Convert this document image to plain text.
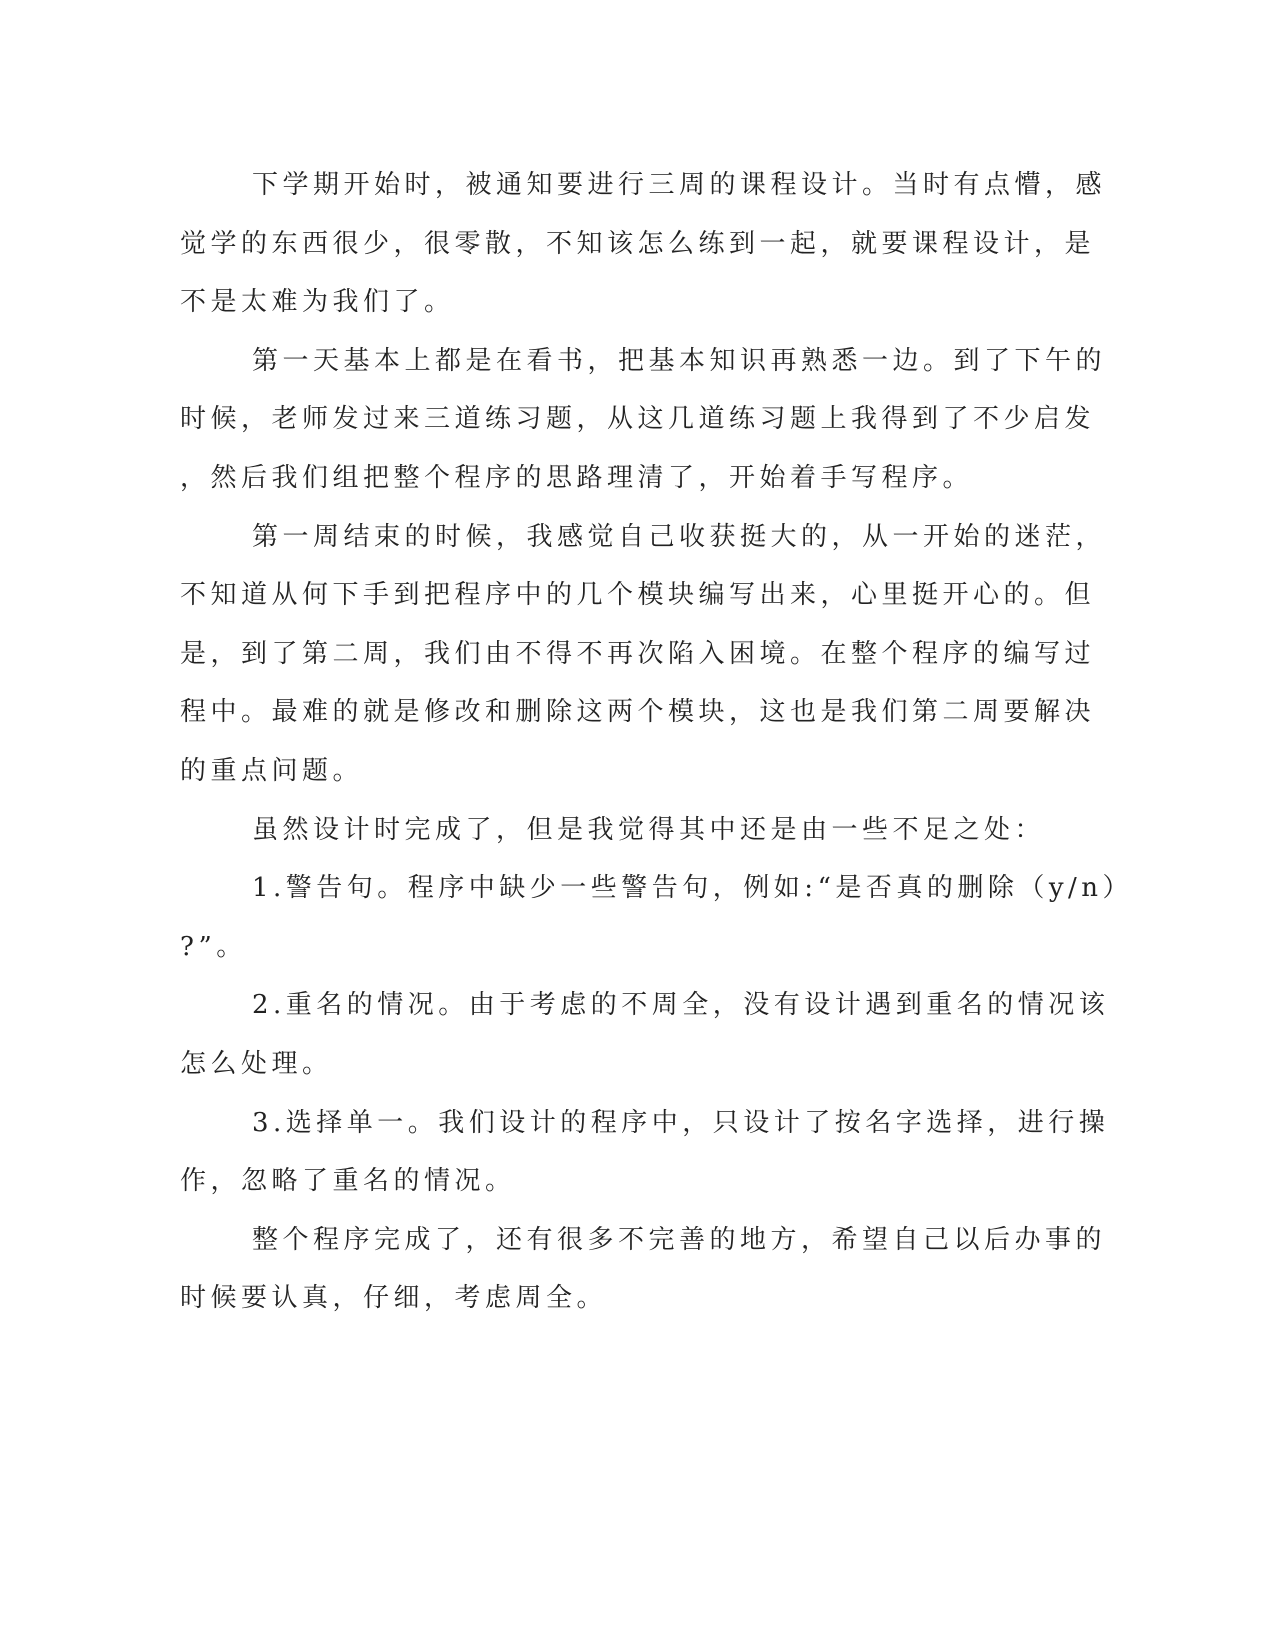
下学期开始时，被通知要进行三周的课程设计。当时有点懵，感
觉学的东西很少，很零散，不知该怎么练到一起，就要课程设计，是
不是太难为我们了。
第一天基本上都是在看书，把基本知识再熟悉一边。到了下午的
时候，老师发过来三道练习题，从这几道练习题上我得到了不少启发
，然后我们组把整个程序的思路理清了，开始着手写程序。
第一周结束的时候，我感觉自己收获挺大的，从一开始的迷茫，
不知道从何下手到把程序中的几个模块编写出来，心里挺开心的。但
是，到了第二周，我们由不得不再次陷入困境。在整个程序的编写过
程中。最难的就是修改和删除这两个模块，这也是我们第二周要解决
的重点问题。
虽然设计时完成了，但是我觉得其中还是由一些不足之处：
1.警告句。程序中缺少一些警告句，例如:“是否真的删除（y/n）
?”。
2.重名的情况。由于考虑的不周全，没有设计遇到重名的情况该
怎么处理。
3.选择单一。我们设计的程序中，只设计了按名字选择，进行操
作，忽略了重名的情况。
整个程序完成了，还有很多不完善的地方，希望自己以后办事的
时候要认真，仔细，考虑周全。
